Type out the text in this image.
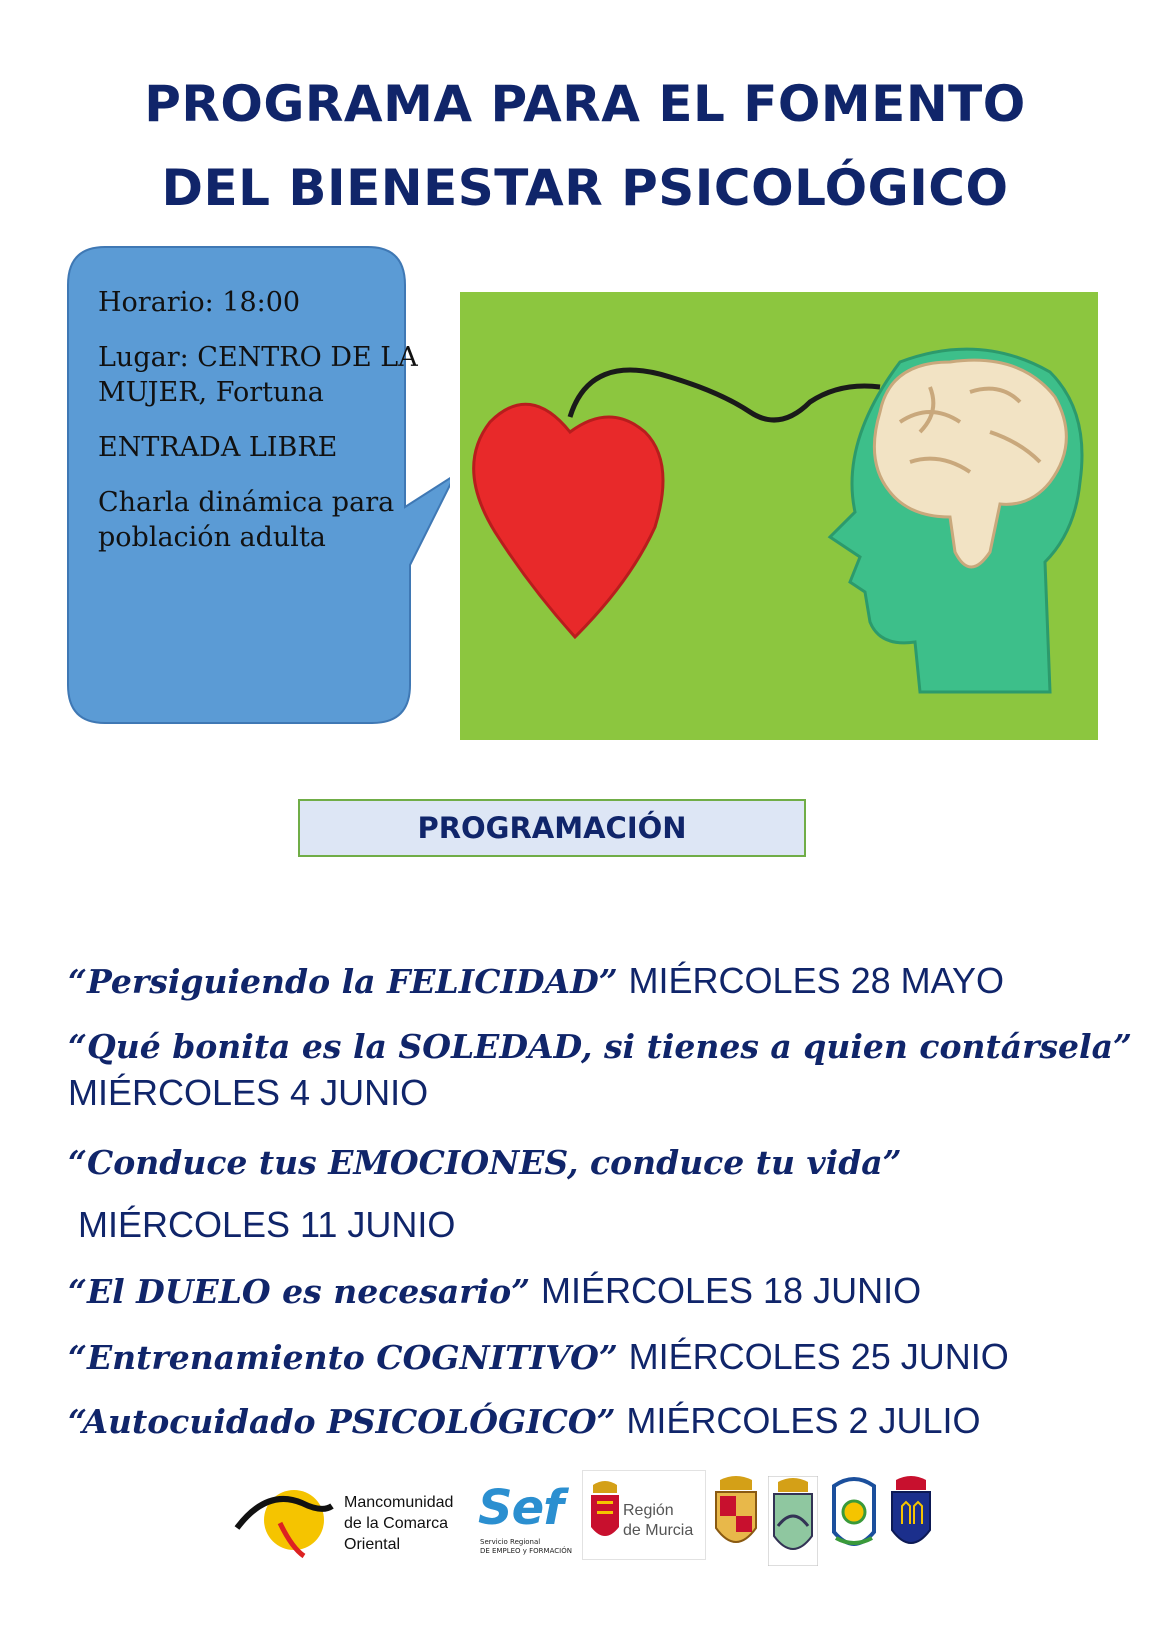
PROGRAMA PARA EL FOMENTO
DEL BIENESTAR PSICOLÓGICO

Horario: 18:00

Lugar: CENTRO DE LA MUJER, Fortuna

ENTRADA LIBRE

Charla dinámica para población adulta

PROGRAMACIÓN
“Persiguiendo la FELICIDAD” MIÉRCOLES 28 MAYO
“Qué bonita es la SOLEDAD, si tienes a quien contársela”
MIÉRCOLES 4 JUNIO
“Conduce tus EMOCIONES, conduce tu vida”
MIÉRCOLES 11 JUNIO
“El DUELO es necesario” MIÉRCOLES 18 JUNIO
“Entrenamiento COGNITIVO” MIÉRCOLES 25 JUNIO
“Autocuidado PSICOLÓGICO” MIÉRCOLES 2 JULIO
Mancomunidad
de la Comarca
Oriental
Sef
Servicio Regional
DE EMPLEO y FORMACIÓN
Región
de Murcia
